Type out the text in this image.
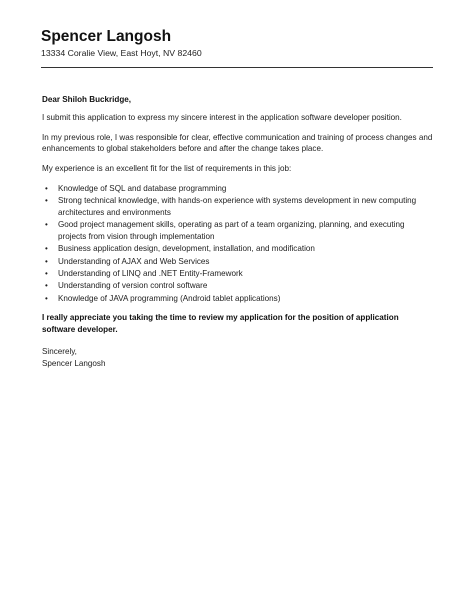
Spencer Langosh
13334 Coralie View, East Hoyt, NV 82460

Dear Shiloh Buckridge,

I submit this application to express my sincere interest in the application software developer position.

In my previous role, I was responsible for clear, effective communication and training of process changes and enhancements to global stakeholders before and after the change takes place.

My experience is an excellent fit for the list of requirements in this job:

• Knowledge of SQL and database programming
• Strong technical knowledge, with hands-on experience with systems development in new computing architectures and environments
• Good project management skills, operating as part of a team organizing, planning, and executing projects from vision through implementation
• Business application design, development, installation, and modification
• Understanding of AJAX and Web Services
• Understanding of LINQ and .NET Entity-Framework
• Understanding of version control software
• Knowledge of JAVA programming (Android tablet applications)

I really appreciate you taking the time to review my application for the position of application software developer.

Sincerely,

Spencer Langosh
